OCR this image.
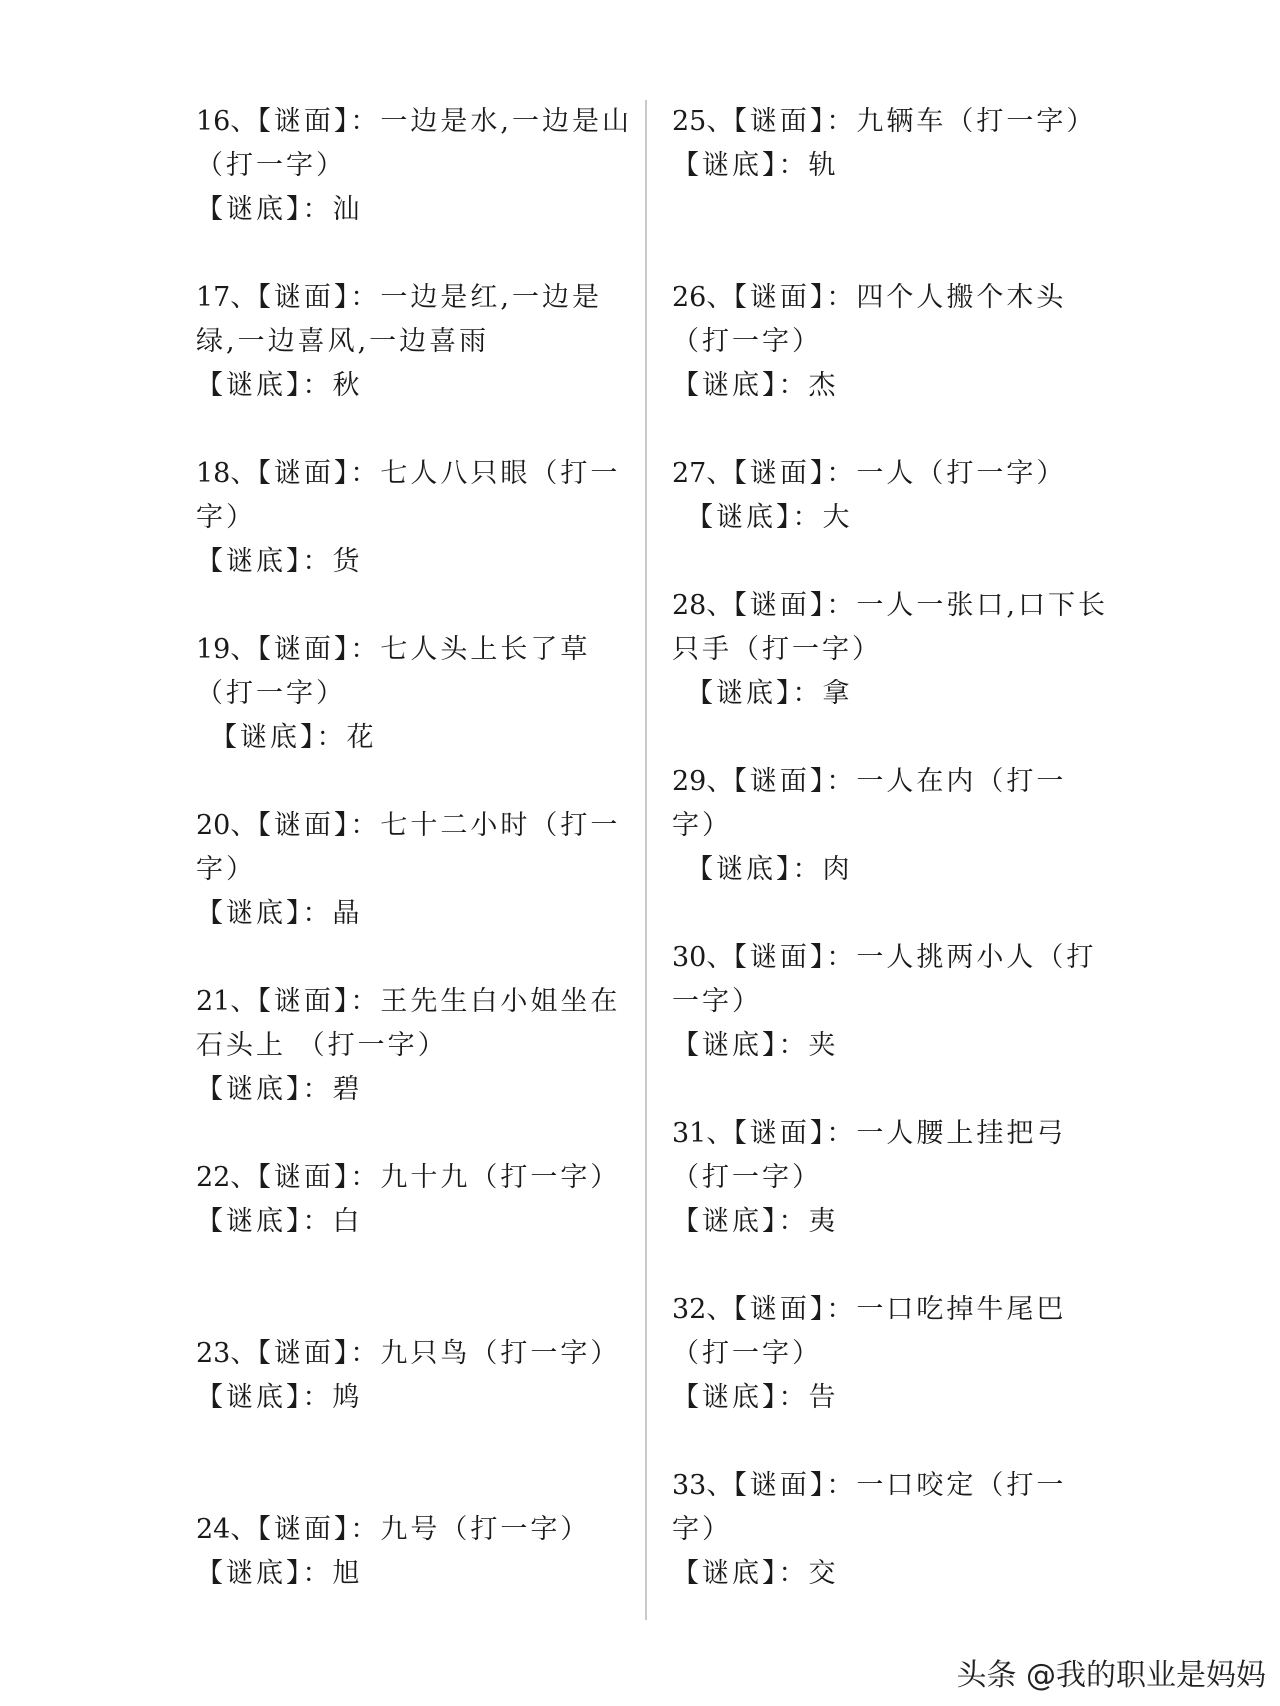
16、【谜面】：一边是水,一边是山（打一字）

【谜底】：汕

17、【谜面】：一边是红,一边是绿,一边喜风,一边喜雨

【谜底】：秋

18、【谜面】：七人八只眼（打一字）

【谜底】：货

19、【谜面】：七人头上长了草（打一字）

【谜底】：花

20、【谜面】：七十二小时（打一字）

【谜底】：晶

21、【谜面】：王先生白小姐坐在石头上 （打一字）

【谜底】：碧

22、【谜面】：九十九（打一字）

【谜底】：白

23、【谜面】：九只鸟（打一字）

【谜底】：鸠

24、【谜面】：九号（打一字）

【谜底】：旭

25、【谜面】：九辆车（打一字）

【谜底】：轨

26、【谜面】：四个人搬个木头（打一字）

【谜底】：杰

27、【谜面】：一人（打一字）

【谜底】：大

28、【谜面】：一人一张口,口下长只手（打一字）

【谜底】：拿

29、【谜面】：一人在内（打一字）

【谜底】：肉

30、【谜面】：一人挑两小人（打一字）

【谜底】：夹

31、【谜面】：一人腰上挂把弓（打一字）

【谜底】：夷

32、【谜面】：一口吃掉牛尾巴（打一字）

【谜底】：告

33、【谜面】：一口咬定（打一字）

【谜底】：交

头条 @我的职业是妈妈
